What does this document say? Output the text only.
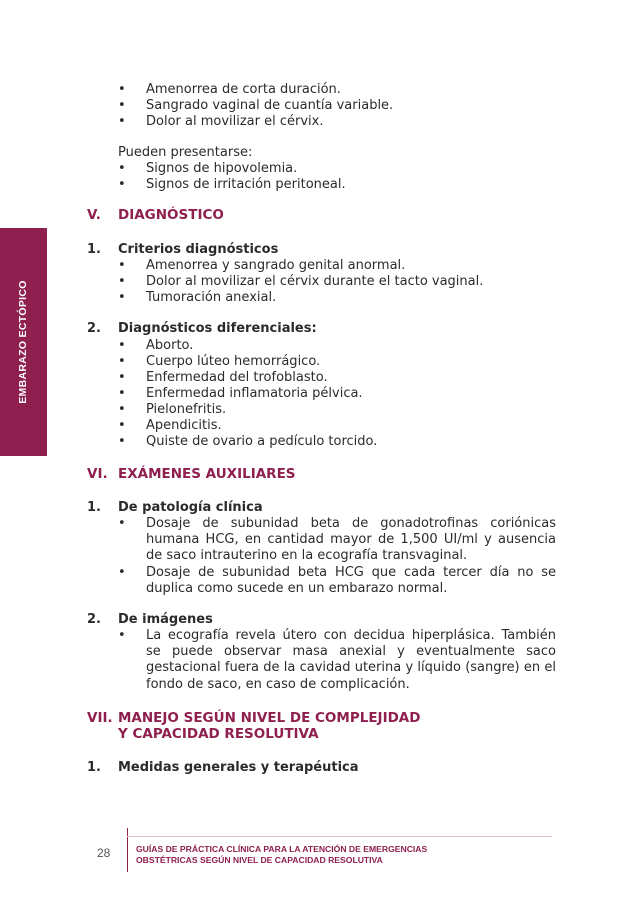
EMBARAZO ECTÓPICO
• Amenorrea de corta duración.
• Sangrado vaginal de cuantía variable.
• Dolor al movilizar el cérvix.
Pueden presentarse:
• Signos de hipovolemia.
• Signos de irritación peritoneal.
V. DIAGNÓSTICO
1. Criterios diagnósticos
• Amenorrea y sangrado genital anormal.
• Dolor al movilizar el cérvix durante el tacto vaginal.
• Tumoración anexial.
2. Diagnósticos diferenciales:
• Aborto.
• Cuerpo lúteo hemorrágico.
• Enfermedad del trofoblasto.
• Enfermedad inflamatoria pélvica.
• Pielonefritis.
• Apendicitis.
• Quiste de ovario a pedículo torcido.
VI. EXÁMENES AUXILIARES
1. De patología clínica
• Dosaje de subunidad beta de gonadotrofinas coriónicas humana HCG, en cantidad mayor de 1,500 UI/ml y ausencia de saco intrauterino en la ecografía transvaginal.
• Dosaje de subunidad beta HCG que cada tercer día no se duplica como sucede en un embarazo normal.
2. De imágenes
• La ecografía revela útero con decidua hiperplásica. También se puede observar masa anexial y eventualmente saco gestacional fuera de la cavidad uterina y líquido (sangre) en el fondo de saco, en caso de complicación.
VII. MANEJO SEGÚN NIVEL DE COMPLEJIDAD
Y CAPACIDAD RESOLUTIVA
1. Medidas generales y terapéutica
28	GUÍAS DE PRÁCTICA CLÍNICA PARA LA ATENCIÓN DE EMERGENCIAS
OBSTÉTRICAS SEGÚN NIVEL DE CAPACIDAD RESOLUTIVA
